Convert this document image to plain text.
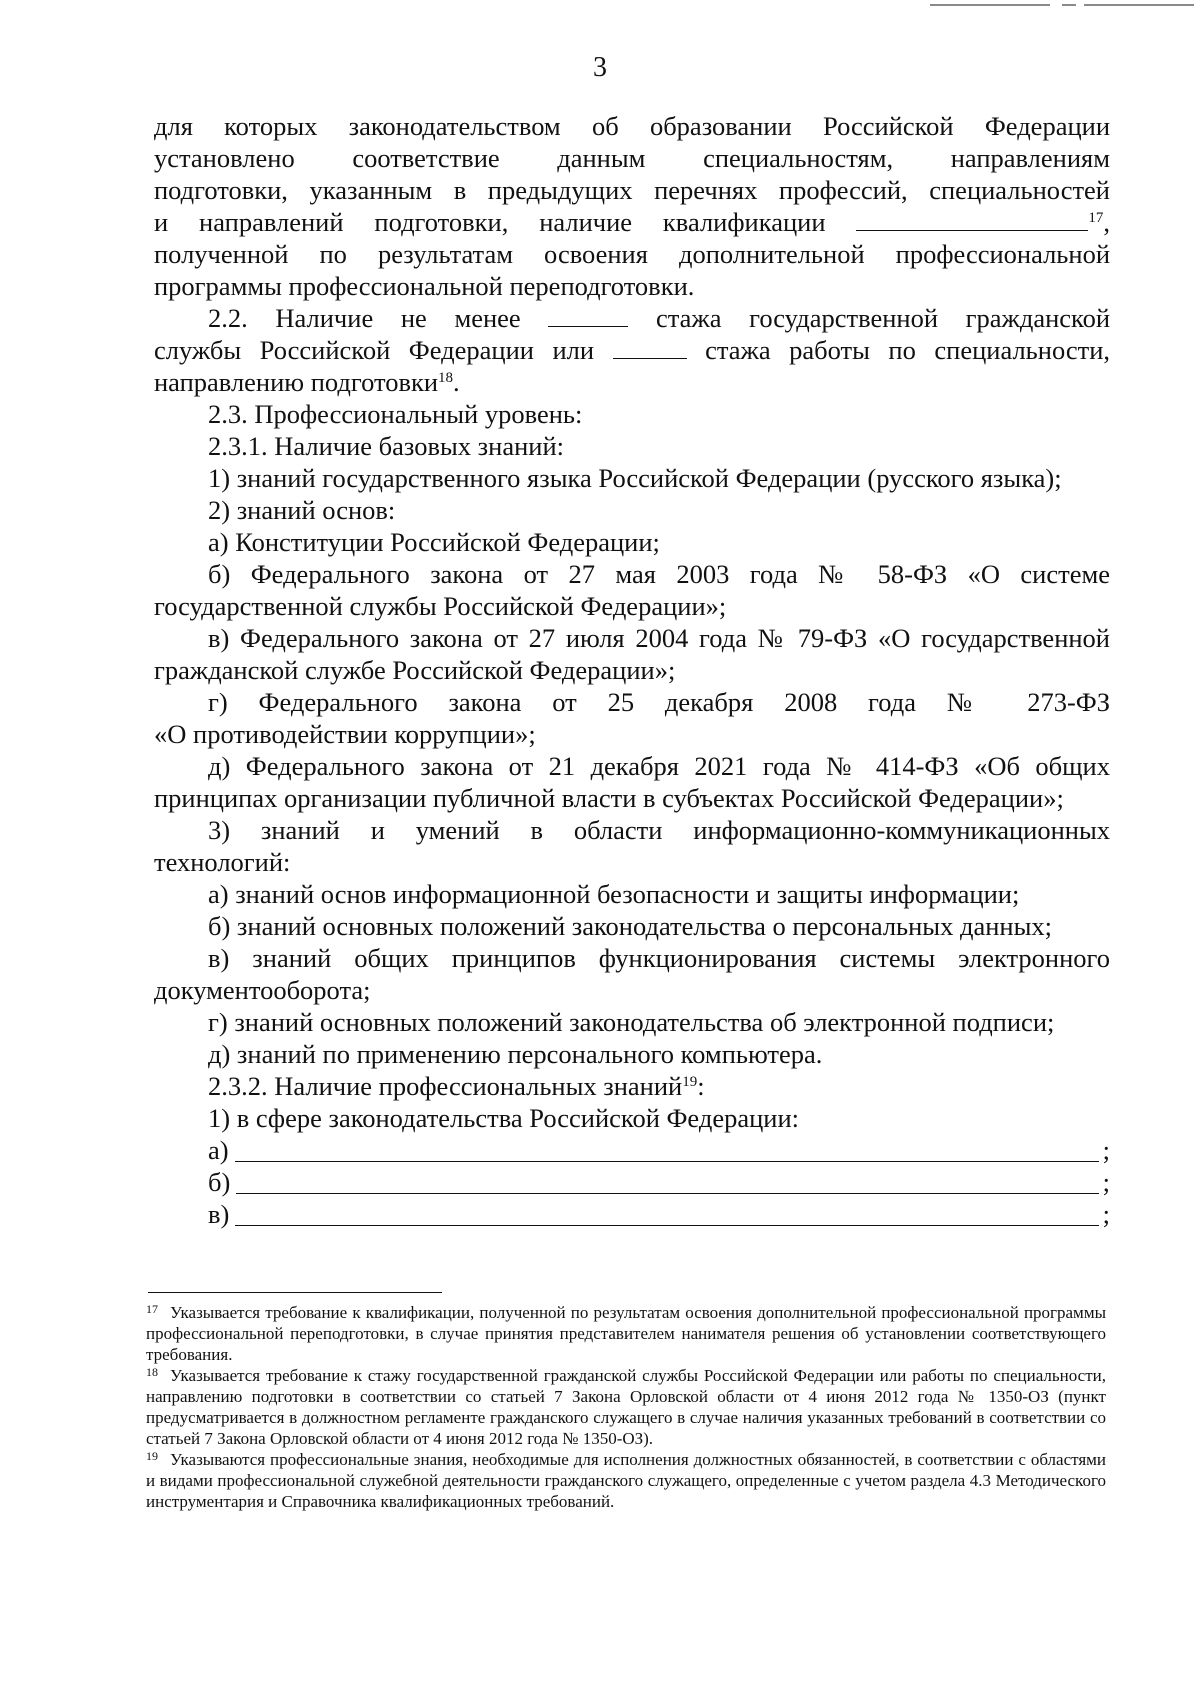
3

для которых законодательством об образовании Российской Федерации

установлено соответствие данным специальностям, направлениям

подготовки, указанным в предыдущих перечнях профессий, специальностей

и направлений подготовки, наличие квалификации	$^{17}$,

полученной по результатам освоения дополнительной профессиональной

программы профессиональной переподготовки.

2.2. Наличие не менее	стажа государственной гражданской

службы Российской Федерации или	стажа работы по специальности,

направлению подготовки$^{18}$.

2.3. Профессиональный уровень:

2.3.1. Наличие базовых знаний:

1) знаний государственного языка Российской Федерации (русского языка);

2) знаний основ:

а) Конституции Российской Федерации;

б) Федерального закона от 27 мая 2003 года № 58-ФЗ «О системе

государственной службы Российской Федерации»;

в) Федерального закона от 27 июля 2004 года № 79-ФЗ «О государственной

гражданской службе Российской Федерации»;

г) Федерального закона от 25 декабря 2008 года № 273-ФЗ

«О противодействии коррупции»;

д) Федерального закона от 21 декабря 2021 года № 414-ФЗ «Об общих

принципах организации публичной власти в субъектах Российской Федерации»;

3) знаний и умений в области информационно-коммуникационных

технологий:

а) знаний основ информационной безопасности и защиты информации;

б) знаний основных положений законодательства о персональных данных;

в) знаний общих принципов функционирования системы электронного

документооборота;

г) знаний основных положений законодательства об электронной подписи;

д) знаний по применению персонального компьютера.

2.3.2. Наличие профессиональных знаний$^{19}$:

1) в сфере законодательства Российской Федерации:

а)	;
б)	;
в)	;

$^{17}$ Указывается требование к квалификации, полученной по результатам освоения дополнительной профессиональной программы профессиональной переподготовки, в случае принятия представителем нанимателя решения об установлении соответствующего требования.

$^{18}$ Указывается требование к стажу государственной гражданской службы Российской Федерации или работы по специальности, направлению подготовки в соответствии со статьей 7 Закона Орловской области от 4 июня 2012 года № 1350-ОЗ (пункт предусматривается в должностном регламенте гражданского служащего в случае наличия указанных требований в соответствии со статьей 7 Закона Орловской области от 4 июня 2012 года № 1350-ОЗ).

$^{19}$ Указываются профессиональные знания, необходимые для исполнения должностных обязанностей, в соответствии с областями и видами профессиональной служебной деятельности гражданского служащего, определенные с учетом раздела 4.3 Методического инструментария и Справочника квалификационных требований.
